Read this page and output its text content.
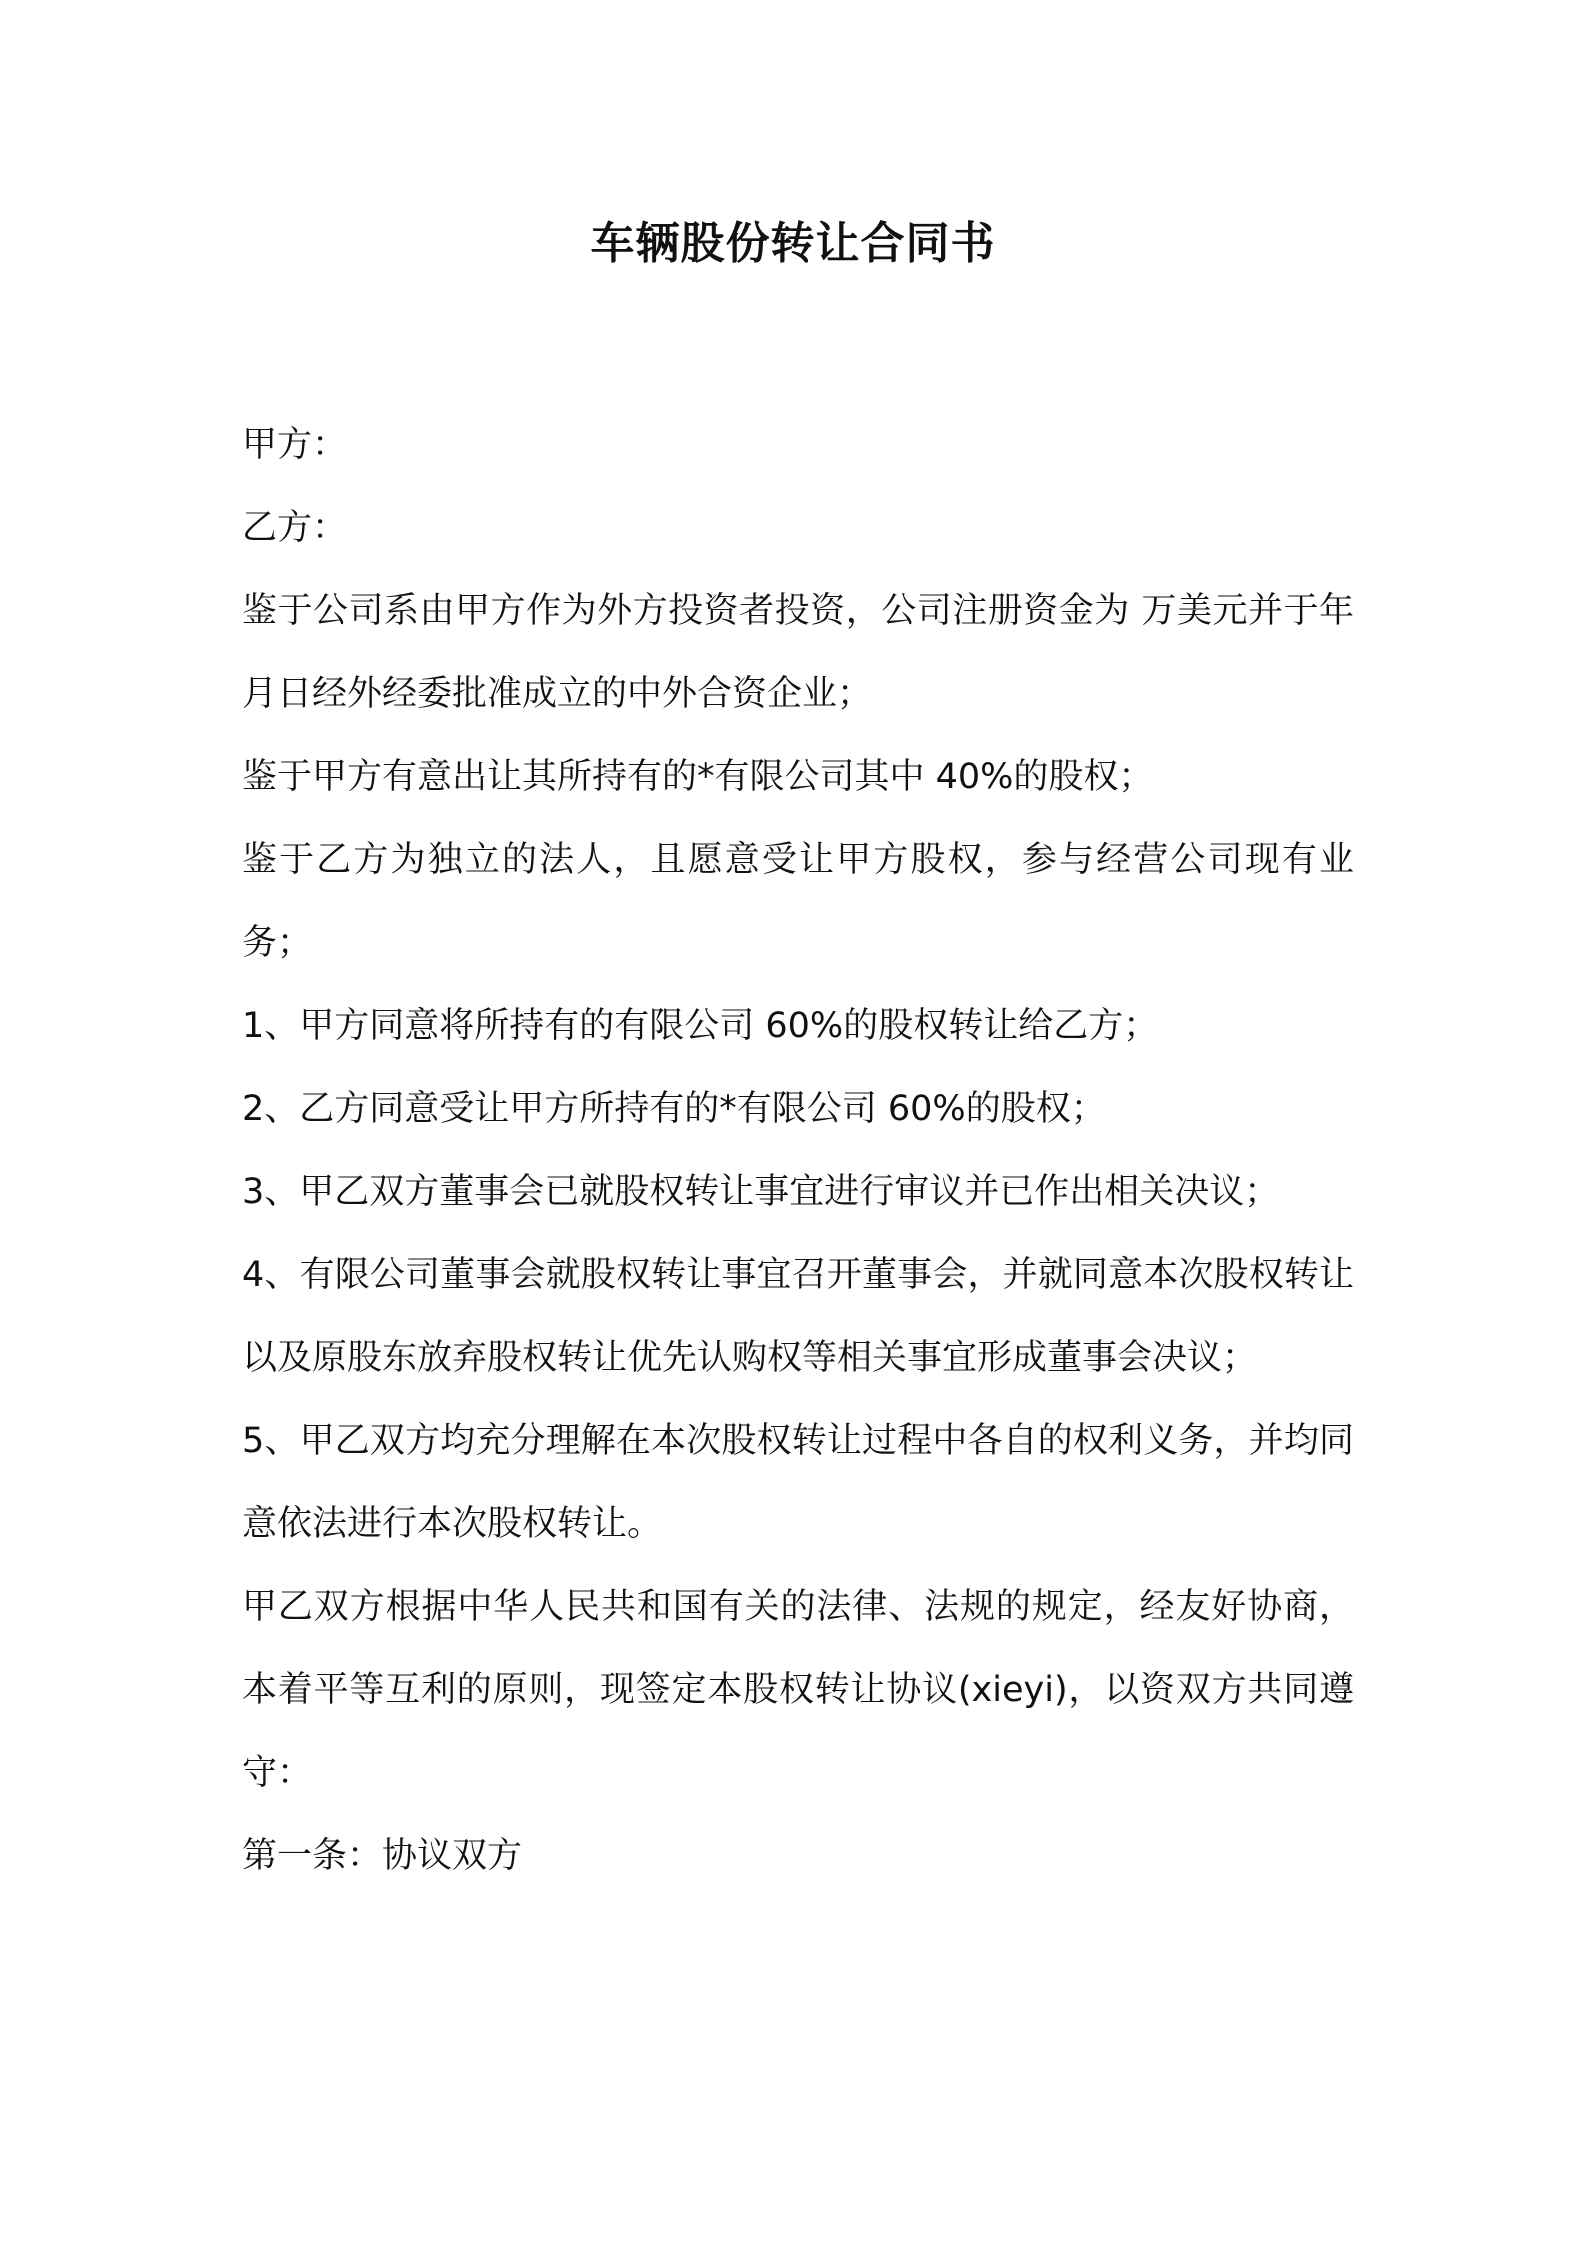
车辆股份转让合同书

甲方：

乙方：

鉴于公司系由甲方作为外方投资者投资，公司注册资金为 万美元并于年月日经外经委批准成立的中外合资企业；

鉴于甲方有意出让其所持有的*有限公司其中 40%的股权；

鉴于乙方为独立的法人，且愿意受让甲方股权，参与经营公司现有业务；

1、甲方同意将所持有的有限公司 60%的股权转让给乙方；

2、乙方同意受让甲方所持有的*有限公司 60%的股权；

3、甲乙双方董事会已就股权转让事宜进行审议并已作出相关决议；

4、有限公司董事会就股权转让事宜召开董事会，并就同意本次股权转让以及原股东放弃股权转让优先认购权等相关事宜形成董事会决议；

5、甲乙双方均充分理解在本次股权转让过程中各自的权利义务，并均同意依法进行本次股权转让。

甲乙双方根据中华人民共和国有关的法律、法规的规定，经友好协商，本着平等互利的原则，现签定本股权转让协议(xieyi)，以资双方共同遵守：

第一条：协议双方
